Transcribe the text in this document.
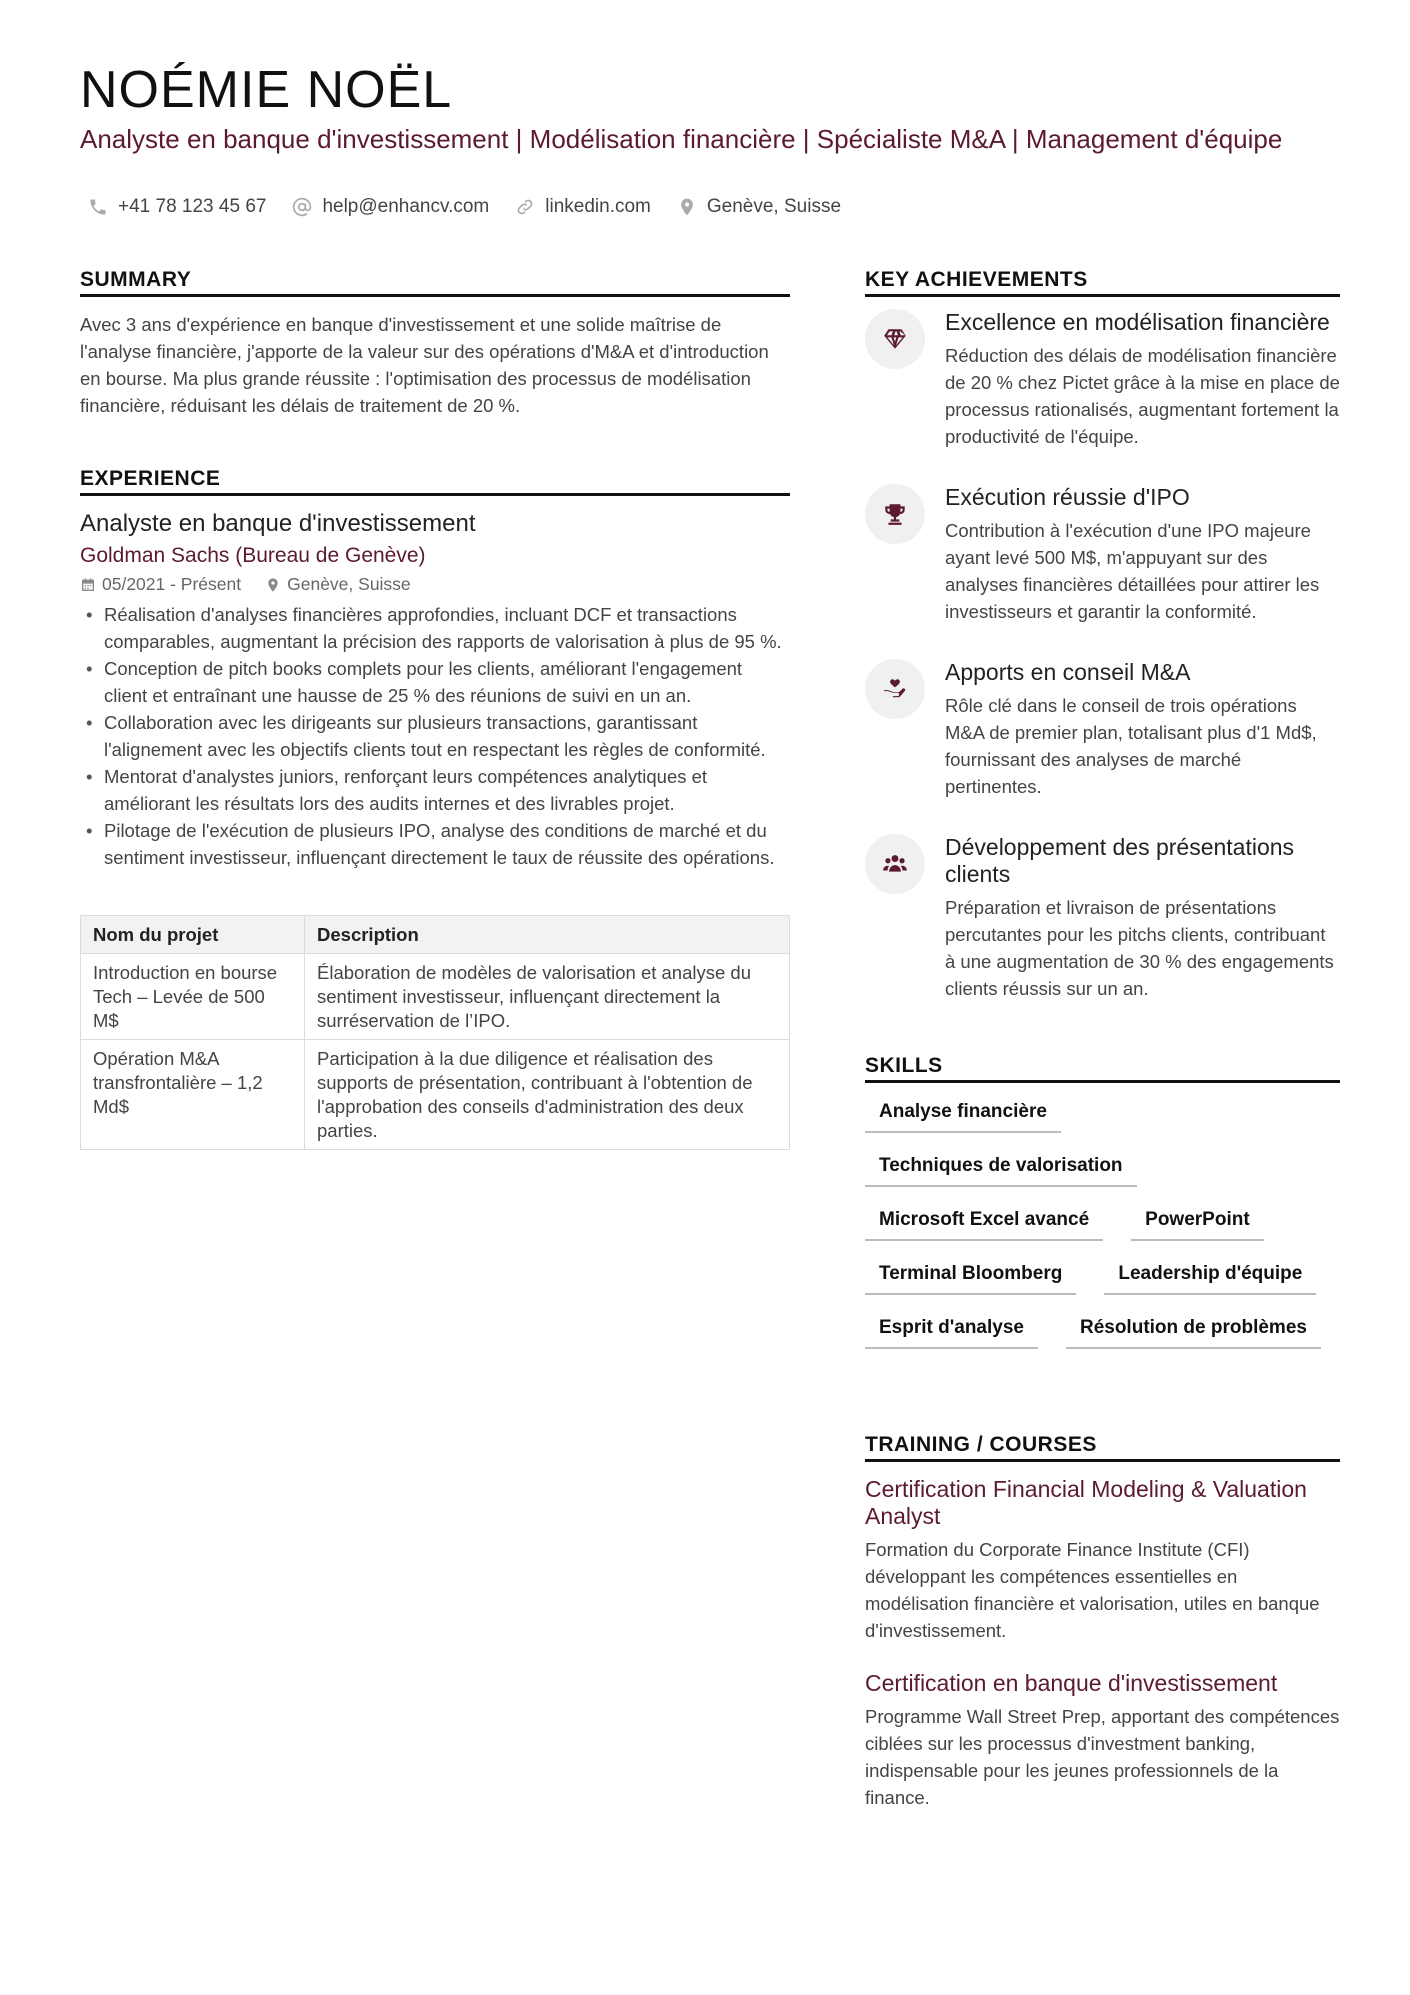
NOÉMIE NOËL

Analyste en banque d'investissement | Modélisation financière | Spécialiste M&A | Management d'équipe

+41 78 123 45 67	help@enhancv.com	linkedin.com	Genève, Suisse
SUMMARY

Avec 3 ans d'expérience en banque d'investissement et une solide maîtrise de l'analyse financière, j'apporte de la valeur sur des opérations d'M&A et d'introduction en bourse. Ma plus grande réussite : l'optimisation des processus de modélisation financière, réduisant les délais de traitement de 20 %.

EXPERIENCE
Analyste en banque d'investissement
Goldman Sachs (Bureau de Genève)
05/2021 - Présent	Genève, Suisse
• Réalisation d'analyses financières approfondies, incluant DCF et transactions comparables, augmentant la précision des rapports de valorisation à plus de 95 %.
• Conception de pitch books complets pour les clients, améliorant l'engagement client et entraînant une hausse de 25 % des réunions de suivi en un an.
• Collaboration avec les dirigeants sur plusieurs transactions, garantissant l'alignement avec les objectifs clients tout en respectant les règles de conformité.
• Mentorat d'analystes juniors, renforçant leurs compétences analytiques et améliorant les résultats lors des audits internes et des livrables projet.
• Pilotage de l'exécution de plusieurs IPO, analyse des conditions de marché et du sentiment investisseur, influençant directement le taux de réussite des opérations.
Nom du projet	Description
Introduction en bourse Tech – Levée de 500 M$	Élaboration de modèles de valorisation et analyse du sentiment investisseur, influençant directement la surréservation de l’IPO.
Opération M&A transfrontalière – 1,2 Md$	Participation à la due diligence et réalisation des supports de présentation, contribuant à l'obtention de l'approbation des conseils d'administration des deux parties.
KEY ACHIEVEMENTS
Excellence en modélisation financière

Réduction des délais de modélisation financière de 20 % chez Pictet grâce à la mise en place de processus rationalisés, augmentant fortement la productivité de l'équipe.

Exécution réussie d'IPO

Contribution à l'exécution d'une IPO majeure ayant levé 500 M$, m'appuyant sur des analyses financières détaillées pour attirer les investisseurs et garantir la conformité.

Apports en conseil M&A

Rôle clé dans le conseil de trois opérations M&A de premier plan, totalisant plus d'1 Md$, fournissant des analyses de marché pertinentes.

Développement des présentations clients

Préparation et livraison de présentations percutantes pour les pitchs clients, contribuant à une augmentation de 30 % des engagements clients réussis sur un an.

SKILLS
Analyse financière
Techniques de valorisation
Microsoft Excel avancé	PowerPoint
Terminal Bloomberg	Leadership d'équipe
Esprit d'analyse	Résolution de problèmes
TRAINING / COURSES
Certification Financial Modeling & Valuation Analyst

Formation du Corporate Finance Institute (CFI) développant les compétences essentielles en modélisation financière et valorisation, utiles en banque d'investissement.

Certification en banque d'investissement

Programme Wall Street Prep, apportant des compétences ciblées sur les processus d'investment banking, indispensable pour les jeunes professionnels de la finance.
